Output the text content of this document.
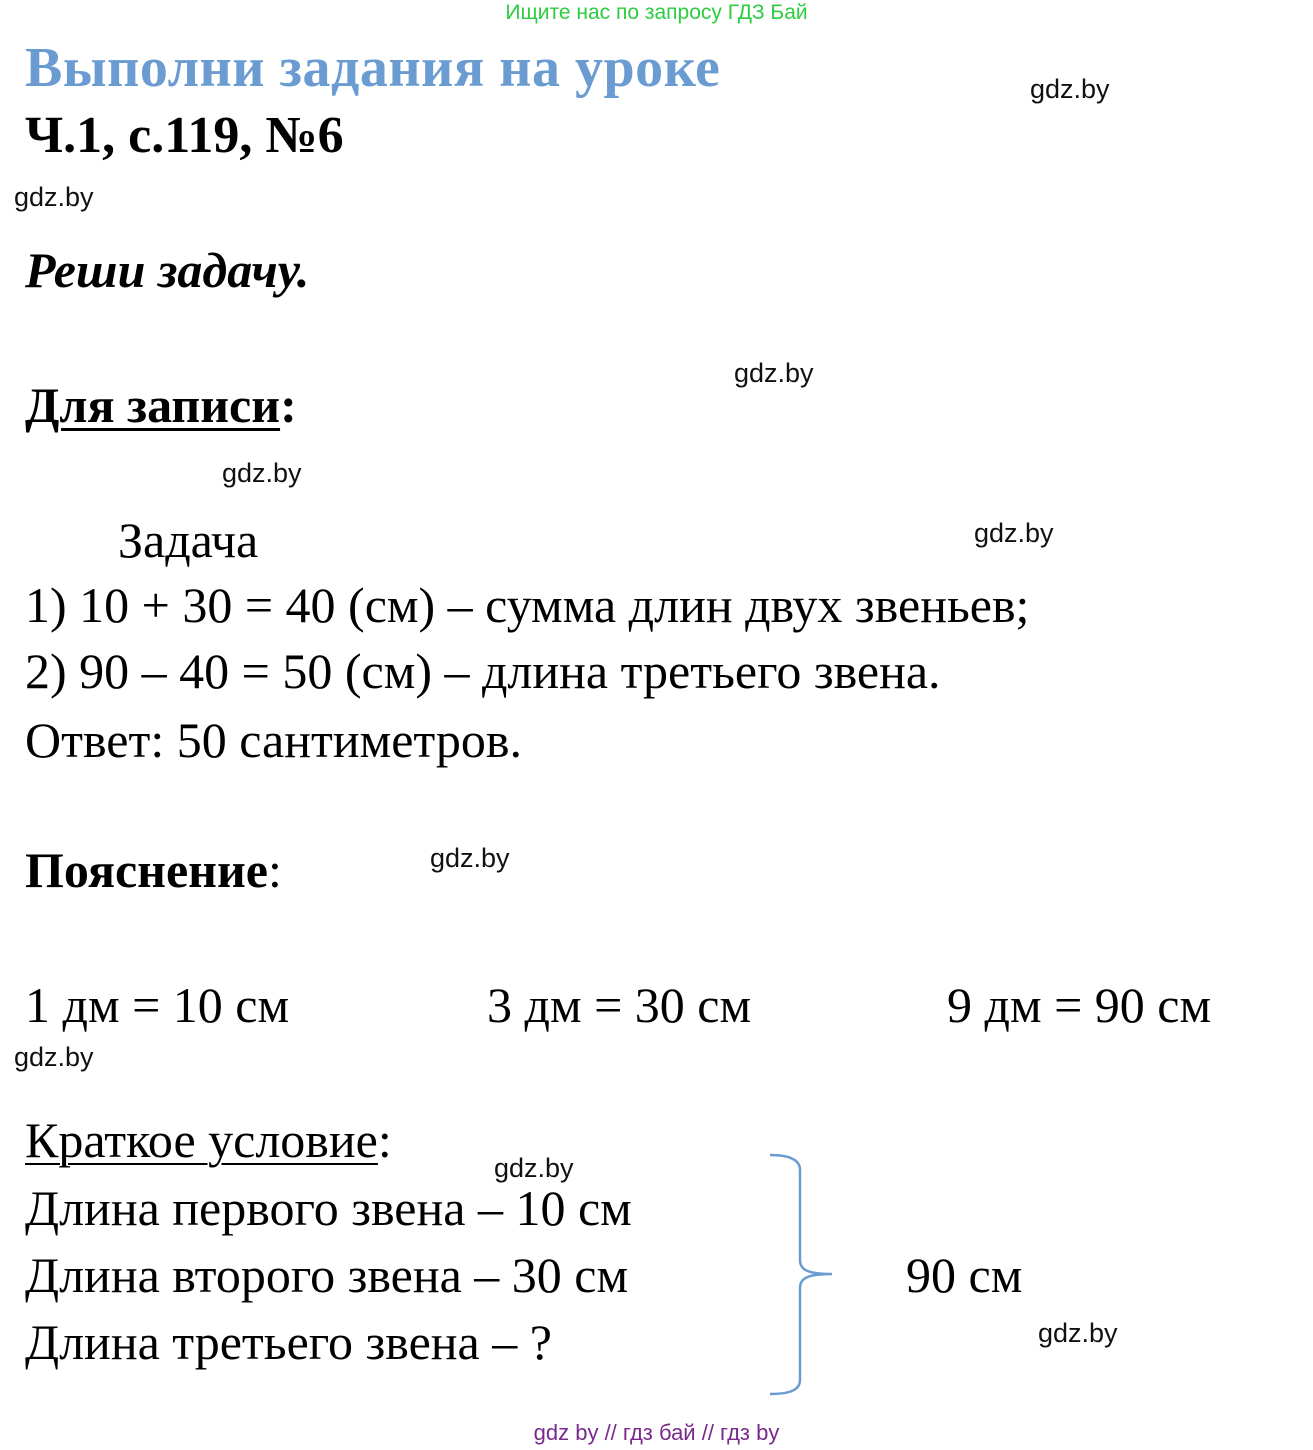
Ищите нас по запросу ГДЗ Бай
Выполни задания на уроке
Ч.1, с.119, №6
Реши задачу.
Для записи:
Задача
1) 10 + 30 = 40 (см) – сумма длин двух звеньев;
2) 90 – 40 = 50 (см) – длина третьего звена.
Ответ: 50 сантиметров.
Пояснение:
1 дм = 10 см	3 дм = 30 см	9 дм = 90 см
Краткое условие:
Длина первого звена – 10 см
Длина второго звена – 30 см
Длина третьего звена – ?
90 см
gdz.by
gdz.by
gdz.by
gdz.by
gdz.by
gdz.by
gdz.by
gdz.by
gdz.by
gdz by // гдз бай // гдз by
